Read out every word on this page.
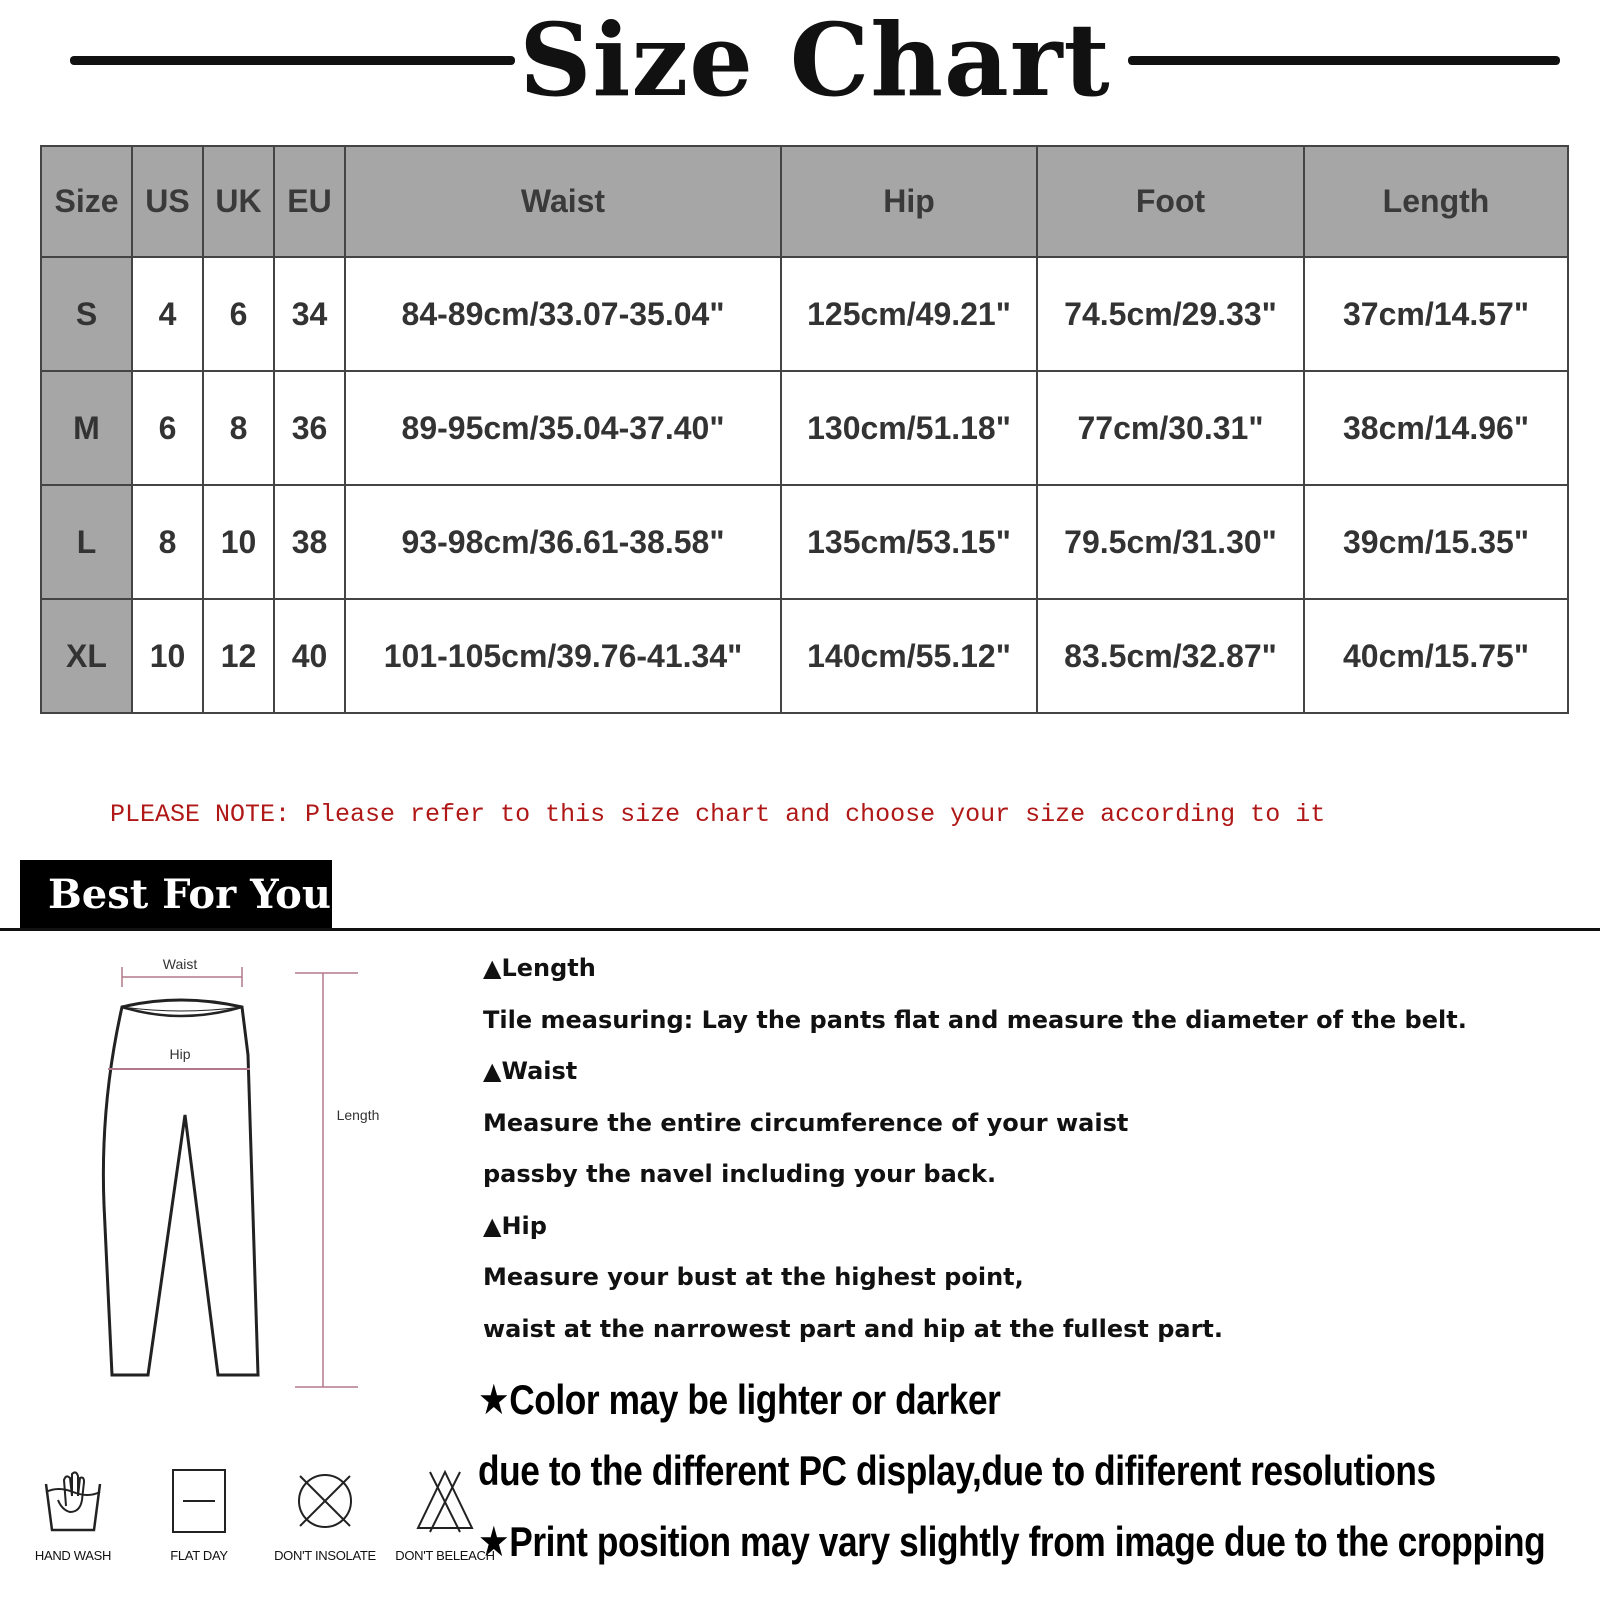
Size Chart
Size	US	UK	EU	Waist	Hip	Foot	Length
S	4	6	34	84-89cm/33.07-35.04"	125cm/49.21"	74.5cm/29.33"	37cm/14.57"
M	6	8	36	89-95cm/35.04-37.40"	130cm/51.18"	77cm/30.31"	38cm/14.96"
L	8	10	38	93-98cm/36.61-38.58"	135cm/53.15"	79.5cm/31.30"	39cm/15.35"
XL	10	12	40	101-105cm/39.76-41.34"	140cm/55.12"	83.5cm/32.87"	40cm/15.75"
PLEASE NOTE: Please refer to this size chart and choose your size according to it
Best For You
Waist
Hip
Length
▲Length
Tile measuring: Lay the pants flat and measure the diameter of the belt.
▲Waist
Measure the entire circumference of your waist
passby the navel including your back.
▲Hip
Measure your bust at the highest point,
waist at the narrowest part and hip at the fullest part.
★Color may be lighter or darker
due to the different PC display,due to dififerent resolutions
★Print position may vary slightly from image due to the cropping
HAND WASH	FLAT DAY	DON'T INSOLATE	DON'T BELEACH
